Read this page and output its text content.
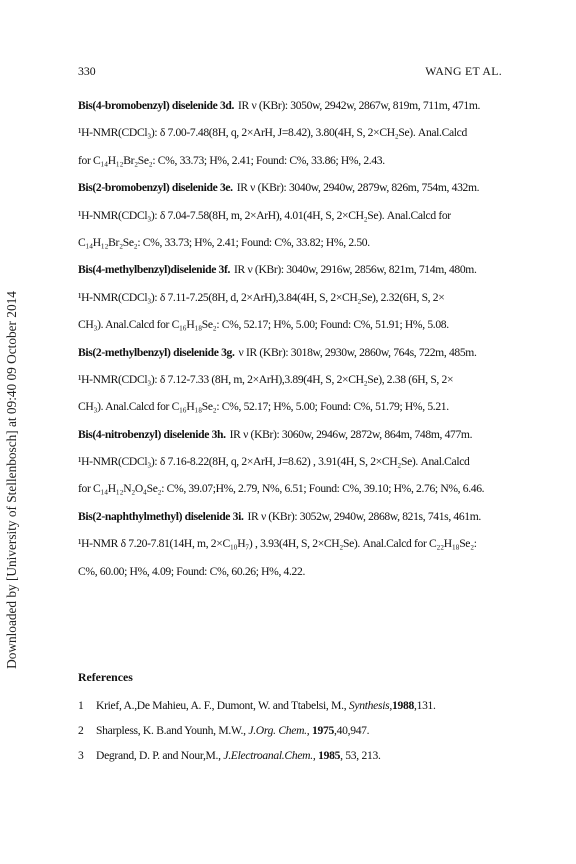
Downloaded by [University of Stellenbosch] at 09:40 09 October 2014
330	WANG ET AL.
Bis(4-bromobenzyl) diselenide 3d. IR ν (KBr): 3050w, 2942w, 2867w, 819m, 711m, 471m.
¹H-NMR(CDCl₃): δ 7.00-7.48(8H, q, 2×ArH, J=8.42), 3.80(4H, S, 2×CH₂Se). Anal.Calcd
for C₁₄H₁₂Br₂Se₂: C%, 33.73; H%, 2.41; Found: C%, 33.86; H%, 2.43.
Bis(2-bromobenzyl) diselenide 3e. IR ν (KBr): 3040w, 2940w, 2879w, 826m, 754m, 432m.
¹H-NMR(CDCl₃): δ 7.04-7.58(8H, m, 2×ArH), 4.01(4H, S, 2×CH₂Se). Anal.Calcd for
C₁₄H₁₂Br₂Se₂: C%, 33.73; H%, 2.41; Found: C%, 33.82; H%, 2.50.
Bis(4-methylbenzyl)diselenide 3f. IR ν (KBr): 3040w, 2916w, 2856w, 821m, 714m, 480m.
¹H-NMR(CDCl₃): δ 7.11-7.25(8H, d, 2×ArH),3.84(4H, S, 2×CH₂Se), 2.32(6H, S, 2×
CH₃). Anal.Calcd for C₁₆H₁₈Se₂: C%, 52.17; H%, 5.00; Found: C%, 51.91; H%, 5.08.
Bis(2-methylbenzyl) diselenide 3g. ν IR (KBr): 3018w, 2930w, 2860w, 764s, 722m, 485m.
¹H-NMR(CDCl₃): δ 7.12-7.33 (8H, m, 2×ArH),3.89(4H, S, 2×CH₂Se), 2.38 (6H, S, 2×
CH₃). Anal.Calcd for C₁₆H₁₈Se₂: C%, 52.17; H%, 5.00; Found: C%, 51.79; H%, 5.21.
Bis(4-nitrobenzyl) diselenide 3h. IR ν (KBr): 3060w, 2946w, 2872w, 864m, 748m, 477m.
¹H-NMR(CDCl₃): δ 7.16-8.22(8H, q, 2×ArH, J=8.62) , 3.91(4H, S, 2×CH₂Se). Anal.Calcd
for C₁₄H₁₂N₂O₄Se₂: C%, 39.07;H%, 2.79, N%, 6.51; Found: C%, 39.10; H%, 2.76; N%, 6.46.
Bis(2-naphthylmethyl) diselenide 3i. IR ν (KBr): 3052w, 2940w, 2868w, 821s, 741s, 461m.
¹H-NMR δ 7.20-7.81(14H, m, 2×C₁₀H₇) , 3.93(4H, S, 2×CH₂Se). Anal.Calcd for C₂₂H₁₈Se₂:
C%, 60.00; H%, 4.09; Found: C%, 60.26; H%, 4.22.
References
1	Krief, A.,De Mahieu, A. F., Dumont, W. and Ttabelsi, M.,
Synthesis, 1988 ,131.
2	Sharpless, K. B.and Younh, M.W.,
J.Org. Chem.,
1975 ,40,947.
3	Degrand, D. P. and Nour,M.,
J.Electroanal.Chem.,
1985 , 53, 213.
